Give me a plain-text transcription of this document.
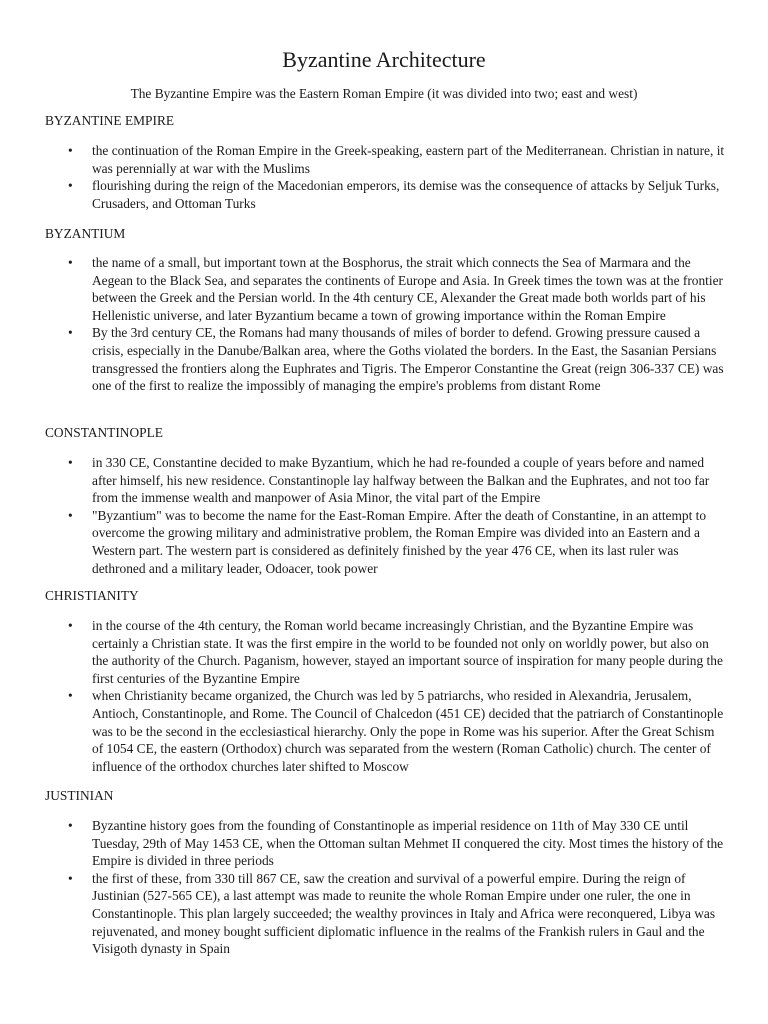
Byzantine Architecture

The Byzantine Empire was the Eastern Roman Empire (it was divided into two; east and west)

BYZANTINE EMPIRE
• the continuation of the Roman Empire in the Greek-speaking, eastern part of the Mediterranean. Christian in nature, it was perennially at war with the Muslims
• flourishing during the reign of the Macedonian emperors, its demise was the consequence of attacks by Seljuk Turks, Crusaders, and Ottoman Turks
BYZANTIUM
• the name of a small, but important town at the Bosphorus, the strait which connects the Sea of Marmara and the Aegean to the Black Sea, and separates the continents of Europe and Asia. In Greek times the town was at the frontier between the Greek and the Persian world. In the 4th century CE, Alexander the Great made both worlds part of his Hellenistic universe, and later Byzantium became a town of growing importance within the Roman Empire
• By the 3rd century CE, the Romans had many thousands of miles of border to defend. Growing pressure caused a crisis, especially in the Danube/Balkan area, where the Goths violated the borders. In the East, the Sasanian Persians transgressed the frontiers along the Euphrates and Tigris. The Emperor Constantine the Great (reign 306-337 CE) was one of the first to realize the impossibly of managing the empire's problems from distant Rome
CONSTANTINOPLE
• in 330 CE, Constantine decided to make Byzantium, which he had re-founded a couple of years before and named after himself, his new residence. Constantinople lay halfway between the Balkan and the Euphrates, and not too far from the immense wealth and manpower of Asia Minor, the vital part of the Empire
• "Byzantium" was to become the name for the East-Roman Empire. After the death of Constantine, in an attempt to overcome the growing military and administrative problem, the Roman Empire was divided into an Eastern and a Western part. The western part is considered as definitely finished by the year 476 CE, when its last ruler was dethroned and a military leader, Odoacer, took power
CHRISTIANITY
• in the course of the 4th century, the Roman world became increasingly Christian, and the Byzantine Empire was certainly a Christian state. It was the first empire in the world to be founded not only on worldly power, but also on the authority of the Church. Paganism, however, stayed an important source of inspiration for many people during the first centuries of the Byzantine Empire
• when Christianity became organized, the Church was led by 5 patriarchs, who resided in Alexandria, Jerusalem, Antioch, Constantinople, and Rome. The Council of Chalcedon (451 CE) decided that the patriarch of Constantinople was to be the second in the ecclesiastical hierarchy. Only the pope in Rome was his superior. After the Great Schism of 1054 CE, the eastern (Orthodox) church was separated from the western (Roman Catholic) church. The center of influence of the orthodox churches later shifted to Moscow
JUSTINIAN
• Byzantine history goes from the founding of Constantinople as imperial residence on 11th of May 330 CE until Tuesday, 29th of May 1453 CE, when the Ottoman sultan Mehmet II conquered the city. Most times the history of the Empire is divided in three periods
• the first of these, from 330 till 867 CE, saw the creation and survival of a powerful empire. During the reign of Justinian (527-565 CE), a last attempt was made to reunite the whole Roman Empire under one ruler, the one in Constantinople. This plan largely succeeded; the wealthy provinces in Italy and Africa were reconquered, Libya was rejuvenated, and money bought sufficient diplomatic influence in the realms of the Frankish rulers in Gaul and the Visigoth dynasty in Spain
